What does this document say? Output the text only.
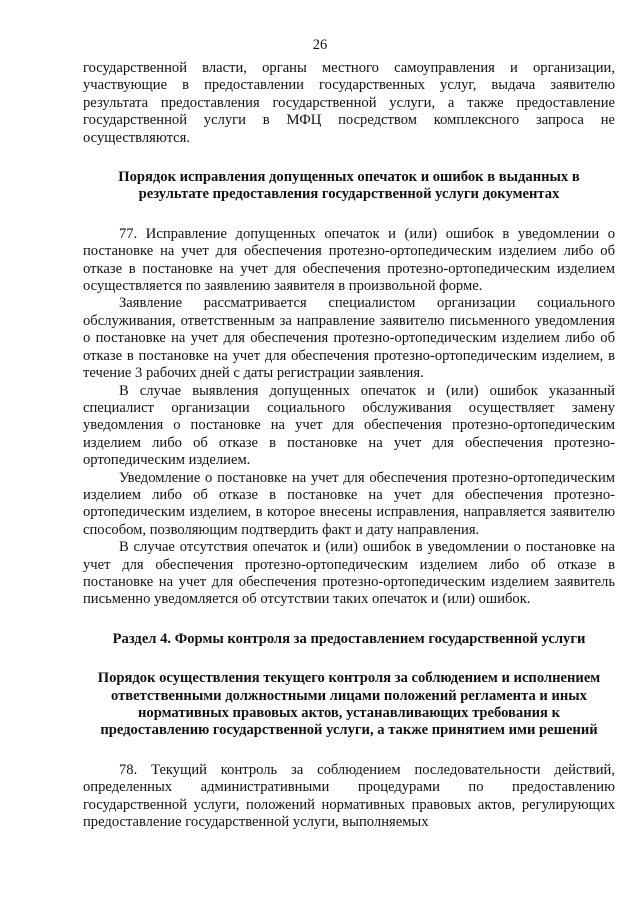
26

государственной власти, органы местного самоуправления и организации, участвующие в предоставлении государственных услуг, выдача заявителю результата предоставления государственной услуги, а также предоставление государственной услуги в МФЦ посредством комплексного запроса не осуществляются.

Порядок исправления допущенных опечаток и ошибок в выданных в результате предоставления государственной услуги документах

77. Исправление допущенных опечаток и (или) ошибок в уведомлении о постановке на учет для обеспечения протезно-ортопедическим изделием либо об отказе в постановке на учет для обеспечения протезно-ортопедическим изделием осуществляется по заявлению заявителя в произвольной форме.

Заявление рассматривается специалистом организации социального обслуживания, ответственным за направление заявителю письменного уведомления о постановке на учет для обеспечения протезно-ортопедическим изделием либо об отказе в постановке на учет для обеспечения протезно-ортопедическим изделием, в течение 3 рабочих дней с даты регистрации заявления.

В случае выявления допущенных опечаток и (или) ошибок указанный специалист организации социального обслуживания осуществляет замену уведомления о постановке на учет для обеспечения протезно-ортопедическим изделием либо об отказе в постановке на учет для обеспечения протезно-ортопедическим изделием.

Уведомление о постановке на учет для обеспечения протезно-ортопедическим изделием либо об отказе в постановке на учет для обеспечения протезно-ортопедическим изделием, в которое внесены исправления, направляется заявителю способом, позволяющим подтвердить факт и дату направления.

В случае отсутствия опечаток и (или) ошибок в уведомлении о постановке на учет для обеспечения протезно-ортопедическим изделием либо об отказе в постановке на учет для обеспечения протезно-ортопедическим изделием заявитель письменно уведомляется об отсутствии таких опечаток и (или) ошибок.

Раздел 4. Формы контроля за предоставлением государственной услуги

Порядок осуществления текущего контроля за соблюдением и исполнением ответственными должностными лицами положений регламента и иных нормативных правовых актов, устанавливающих требования к предоставлению государственной услуги, а также принятием ими решений

78. Текущий контроль за соблюдением последовательности действий, определенных административными процедурами по предоставлению государственной услуги, положений нормативных правовых актов, регулирующих предоставление государственной услуги, выполняемых
